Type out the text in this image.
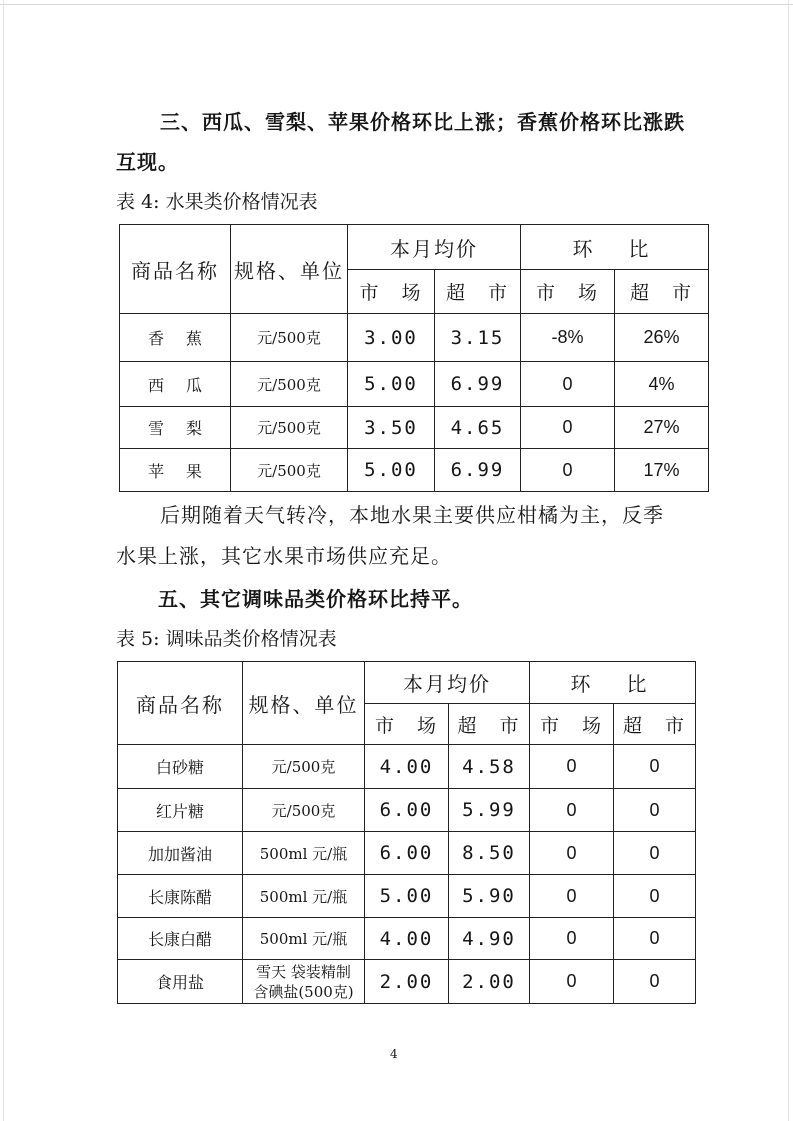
三、西瓜、雪梨、苹果价格环比上涨；香蕉价格环比涨跌
互现。
表 4: 水果类价格情况表
商品名称	规格、单位	本月均价		环　比	
		市　场	超　市	市　场	超　市
香蕉	元/500克	3.00	3.15	-8%	26%
西瓜	元/500克	5.00	6.99	0	4%
雪梨	元/500克	3.50	4.65	0	27%
苹果	元/500克	5.00	6.99	0	17%
后期随着天气转冷，本地水果主要供应柑橘为主，反季
水果上涨，其它水果市场供应充足。
五、其它调味品类价格环比持平。
表 5: 调味品类价格情况表
商品名称	规格、单位	本月均价		环　比	
		市　场	超　市	市　场	超　市
白砂糖	元/500克	4.00	4.58	0	0
红片糖	元/500克	6.00	5.99	0	0
加加酱油	500ml 元/瓶	6.00	8.50	0	0
长康陈醋	500ml 元/瓶	5.00	5.90	0	0
长康白醋	500ml 元/瓶	4.00	4.90	0	0
食用盐	雪天 袋装精制
含碘盐(500克)	2.00	2.00	0	0
4
